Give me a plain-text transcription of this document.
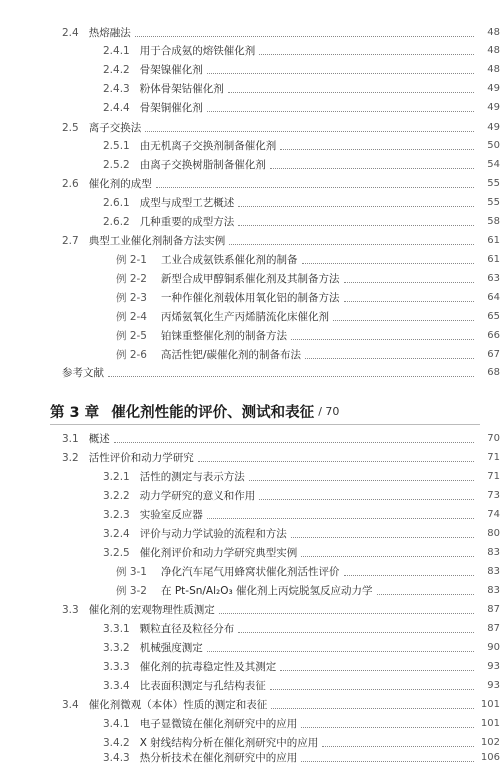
2.4 热熔融法	48
2.4.1 用于合成氨的熔铁催化剂	48
2.4.2 骨架镍催化剂	48
2.4.3 粉体骨架钴催化剂	49
2.4.4 骨架铜催化剂	49
2.5 离子交换法	49
2.5.1 由无机离子交换剂制备催化剂	50
2.5.2 由离子交换树脂制备催化剂	54
2.6 催化剂的成型	55
2.6.1 成型与成型工艺概述	55
2.6.2 几种重要的成型方法	58
2.7 典型工业催化剂制备方法实例	61
例 2-1 工业合成氨铁系催化剂的制备	61
例 2-2 新型合成甲醇铜系催化剂及其制备方法	63
例 2-3 一种作催化剂载体用氧化铝的制备方法	64
例 2-4 丙烯氨氧化生产丙烯腈流化床催化剂	65
例 2-5 铂铼重整催化剂的制备方法	66
例 2-6 高活性钯/碳催化剂的制备布法	67
参考文献	68
第 3 章 催化剂性能的评价、测试和表征 / 70
3.1 概述	70
3.2 活性评价和动力学研究	71
3.2.1 活性的测定与表示方法	71
3.2.2 动力学研究的意义和作用	73
3.2.3 实验室反应器	74
3.2.4 评价与动力学试验的流程和方法	80
3.2.5 催化剂评价和动力学研究典型实例	83
例 3-1 净化汽车尾气用蜂窝状催化剂活性评价	83
例 3-2 在 Pt-Sn/Al₂O₃ 催化剂上丙烷脱氢反应动力学	83
3.3 催化剂的宏观物理性质测定	87
3.3.1 颗粒直径及粒径分布	87
3.3.2 机械强度测定	90
3.3.3 催化剂的抗毒稳定性及其测定	93
3.3.4 比表面积测定与孔结构表征	93
3.4 催化剂微观（本体）性质的测定和表征	101
3.4.1 电子显微镜在催化剂研究中的应用	101
3.4.2 X 射线结构分析在催化剂研究中的应用	102
3.4.3 热分析技术在催化剂研究中的应用	106
